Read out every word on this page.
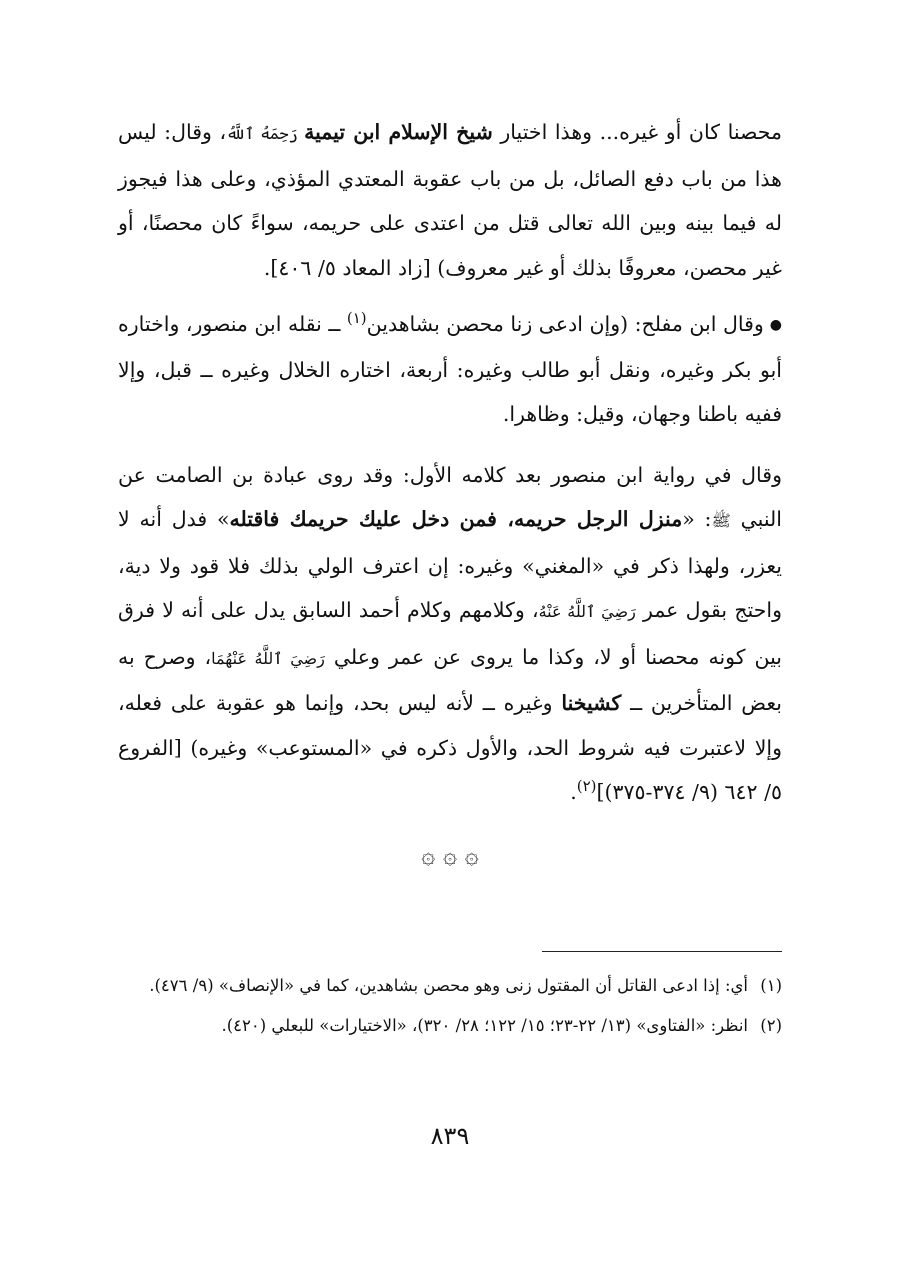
محصنا كان أو غيره... وهذا اختيار شيخ الإسلام ابن تيمية رَحِمَهُ ٱللَّهُ، وقال: ليس هذا من باب دفع الصائل، بل من باب عقوبة المعتدي المؤذي، وعلى هذا فيجوز له فيما بينه وبين الله تعالى قتل من اعتدى على حريمه، سواءً كان محصنًا، أو غير محصن، معروفًا بذلك أو غير معروف) [زاد المعاد ٥/ ٤٠٦].

●وقال ابن مفلح: (وإن ادعى زنا محصن بشاهدين$^{(١)}$ ــ نقله ابن منصور، واختاره أبو بكر وغيره، ونقل أبو طالب وغيره: أربعة، اختاره الخلال وغيره ــ قبل، وإلا ففيه باطنا وجهان، وقيل: وظاهرا.

وقال في رواية ابن منصور بعد كلامه الأول: وقد روى عبادة بن الصامت عن النبي ﷺ: «منزل الرجل حريمه، فمن دخل عليك حريمك فاقتله» فدل أنه لا يعزر، ولهذا ذكر في «المغني» وغيره: إن اعترف الولي بذلك فلا قود ولا دية، واحتج بقول عمر رَضِيَ ٱللَّهُ عَنْهُ، وكلامهم وكلام أحمد السابق يدل على أنه لا فرق بين كونه محصنا أو لا، وكذا ما يروى عن عمر وعلي رَضِيَ ٱللَّهُ عَنْهُمَا، وصرح به بعض المتأخرين ــ كشيخنا وغيره ــ لأنه ليس بحد، وإنما هو عقوبة على فعله، وإلا لاعتبرت فيه شروط الحد، والأول ذكره في «المستوعب» وغيره) [الفروع ٥/ ٦٤٢ (٩/ ٣٧٤-٣٧٥)]$^{(٢)}$.

۞ ۞ ۞

(١)
أي: إذا ادعى القاتل أن المقتول زنى وهو محصن بشاهدين، كما في «الإنصاف» (٩/ ٤٧٦).

(٢)
انظر: «الفتاوى» (١٣/ ٢٢-٢٣؛ ١٥/ ١٢٢؛ ٢٨/ ٣٢٠)، «الاختيارات» للبعلي (٤٢٠).

٨٣٩
